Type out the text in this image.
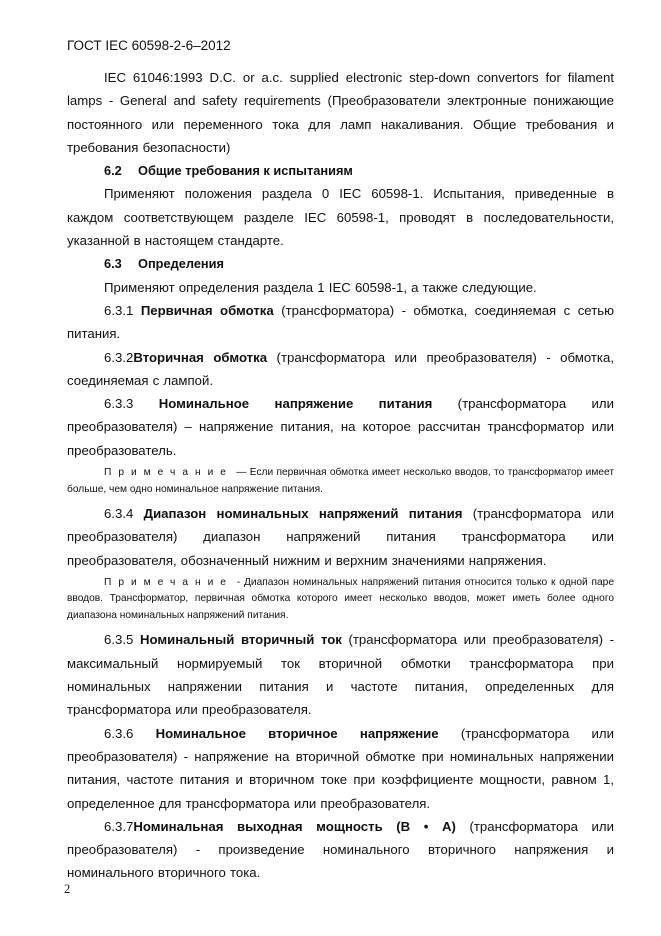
ГОСТ IEC 60598-2-6–2012

IEC 61046:1993 D.C. or a.c. supplied electronic step-down convertors for filament lamps - General and safety requirements (Преобразователи электронные понижающие постоянного или переменного тока для ламп накаливания. Общие требования и требования безопасности)

6.2 Общие требования к испытаниям

Применяют положения раздела 0 IEC 60598-1. Испытания, приведенные в каждом соответствующем разделе IEC 60598-1, проводят в последовательности, указанной в настоящем стандарте.

6.3 Определения

Применяют определения раздела 1 IEC 60598-1, а также следующие.

6.3.1 Первичная обмотка (трансформатора) - обмотка, соединяемая с сетью питания.

6.3.2Вторичная обмотка (трансформатора или преобразователя) - обмотка, соединяемая с лампой.

6.3.3 Номинальное напряжение питания (трансформатора или преобразователя) – напряжение питания, на которое рассчитан трансформатор или преобразователь.

Примечание — Если первичная обмотка имеет несколько вводов, то трансформатор имеет больше, чем одно номинальное напряжение питания.

6.3.4 Диапазон номинальных напряжений питания (трансформатора или преобразователя) диапазон напряжений питания трансформатора или преобразователя, обозначенный нижним и верхним значениями напряжения.

Примечание - Диапазон номинальных напряжений питания относится только к одной паре вводов. Трансформатор, первичная обмотка которого имеет несколько вводов, может иметь более одного диапазона номинальных напряжений питания.

6.3.5 Номинальный вторичный ток (трансформатора или преобразователя) - максимальный нормируемый ток вторичной обмотки трансформатора при номинальных напряжении питания и частоте питания, определенных для трансформатора или преобразователя.

6.3.6 Номинальное вторичное напряжение (трансформатора или преобразователя) - напряжение на вторичной обмотке при номинальных напряжении питания, частоте питания и вторичном токе при коэффициенте мощности, равном 1, определенное для трансформатора или преобразователя.

6.3.7Номинальная выходная мощность (В • А) (трансформатора или преобразователя) - произведение номинального вторичного напряжения и номинального вторичного тока.

2
